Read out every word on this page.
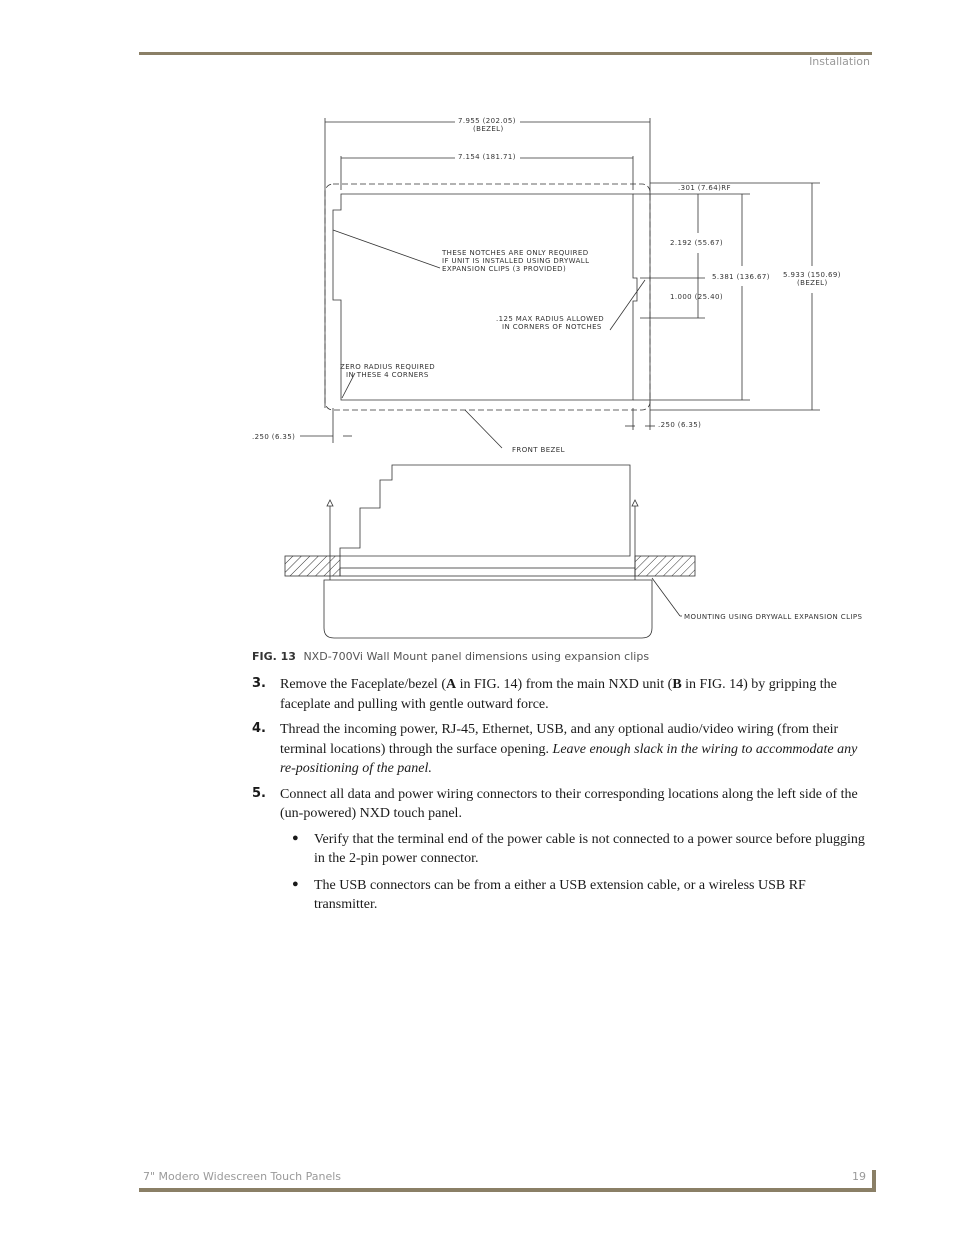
Installation
7.955 (202.05)
(BEZEL)
7.154 (181.71)
.301 (7.64)RF
2.192 (55.67)
5.381 (136.67) 5.933 (150.69)
(BEZEL)
1.000 (25.40)
THESE NOTCHES ARE ONLY REQUIRED
IF UNIT IS INSTALLED USING DRYWALL
EXPANSION CLIPS (3 PROVIDED)
.125 MAX RADIUS ALLOWED
IN CORNERS OF NOTCHES
ZERO RADIUS REQUIRED
IN THESE 4 CORNERS
.250 (6.35)
.250 (6.35)
FRONT BEZEL
MOUNTING USING DRYWALL EXPANSION CLIPS
FIG. 13 NXD-700Vi Wall Mount panel dimensions using expansion clips
3.	Remove the Faceplate/bezel (A in FIG. 14) from the main NXD unit (B in FIG. 14) by gripping the faceplate and pulling with gentle outward force.
4.	Thread the incoming power, RJ-45, Ethernet, USB, and any optional audio/video wiring (from their terminal locations) through the surface opening. Leave enough slack in the wiring to accommodate any re-positioning of the panel.
5.	Connect all data and power wiring connectors to their corresponding locations along the left side of the (un-powered) NXD touch panel.
●	Verify that the terminal end of the power cable is not connected to a power source before plugging in the 2-pin power connector.
●	The USB connectors can be from a either a USB extension cable, or a wireless USB RF transmitter.
7" Modero Widescreen Touch Panels	19
